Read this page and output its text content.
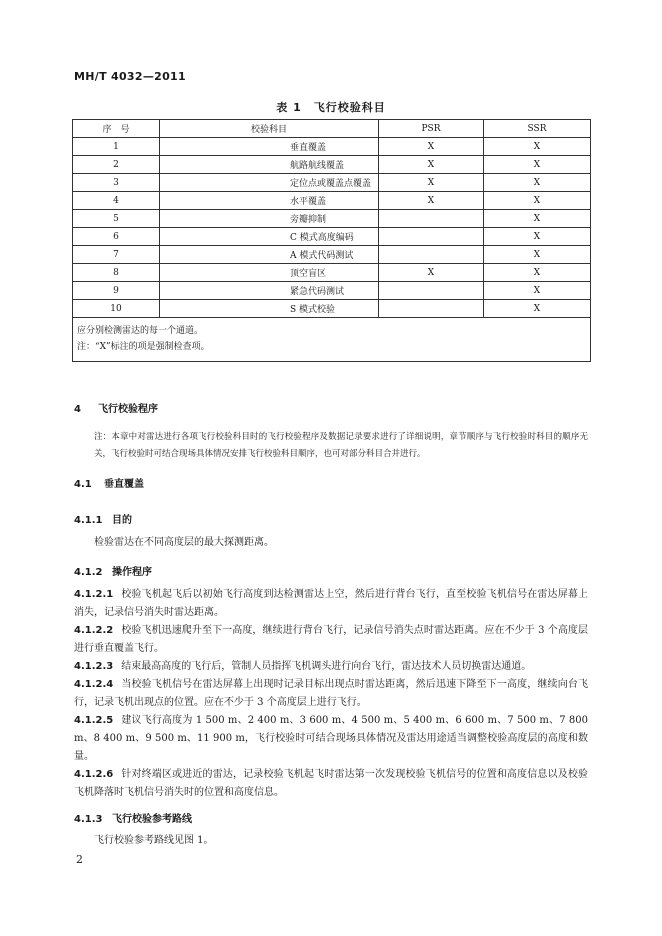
MH/T 4032—2011
表 1　飞行校验科目
序　号	校验科目	PSR	SSR
1	垂直覆盖	X	X
2	航路航线覆盖	X	X
3	定位点或覆盖点覆盖	X	X
4	水平覆盖	X	X
5	旁瓣抑制		X
6	C 模式高度编码		X
7	A 模式代码测试		X
8	顶空盲区	X	X
9	紧急代码测试		X
10	S 模式校验		X

应分别检测雷达的每一个通道。
注：“X”标注的项是强制检查项。			
4 飞行校验程序
注：本章中对雷达进行各项飞行校验科目时的飞行校验程序及数据记录要求进行了详细说明，章节顺序与飞行校验时科目的顺序无关，飞行校验时可结合现场具体情况安排飞行校验科目顺序，也可对部分科目合并进行。
4.1 垂直覆盖
4.1.1 目的
检验雷达在不同高度层的最大探测距离。
4.1.2 操作程序
4.1.2.1 校验飞机起飞后以初始飞行高度到达检测雷达上空，然后进行背台飞行，直至校验飞机信号在雷达屏幕上消失，记录信号消失时雷达距离。
4.1.2.2 校验飞机迅速爬升至下一高度，继续进行背台飞行，记录信号消失点时雷达距离。应在不少于 3 个高度层进行垂直覆盖飞行。
4.1.2.3 结束最高高度的飞行后，管制人员指挥飞机调头进行向台飞行，雷达技术人员切换雷达通道。
4.1.2.4 当校验飞机信号在雷达屏幕上出现时记录目标出现点时雷达距离，然后迅速下降至下一高度，继续向台飞行，记录飞机出现点的位置。应在不少于 3 个高度层上进行飞行。
4.1.2.5 建议飞行高度为 1 500 m、2 400 m、3 600 m、4 500 m、5 400 m、6 600 m、7 500 m、7 800 m、8 400 m、9 500 m、11 900 m，飞行校验时可结合现场具体情况及雷达用途适当调整校验高度层的高度和数量。
4.1.2.6 针对终端区或进近的雷达，记录校验飞机起飞时雷达第一次发现校验飞机信号的位置和高度信息以及校验飞机降落时飞机信号消失时的位置和高度信息。
4.1.3 飞行校验参考路线
飞行校验参考路线见图 1。
2
